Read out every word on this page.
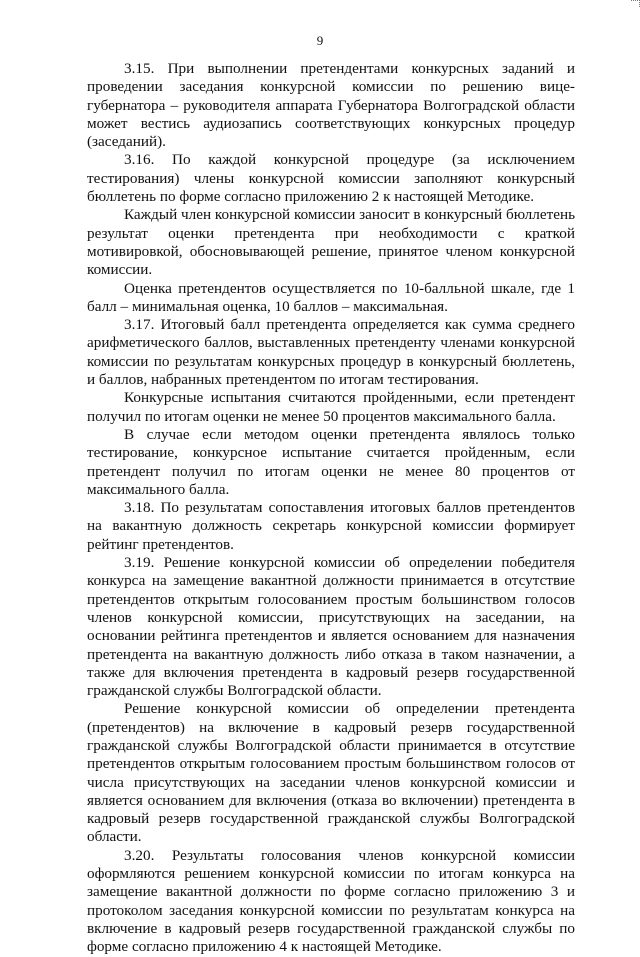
9

3.15. При выполнении претендентами конкурсных заданий и проведении заседания конкурсной комиссии по решению вице-губернатора – руководителя аппарата Губернатора Волгоградской области может вестись аудиозапись соответствующих конкурсных процедур (заседаний).

3.16. По каждой конкурсной процедуре (за исключением тестирования) члены конкурсной комиссии заполняют конкурсный бюллетень по форме согласно приложению 2 к настоящей Методике.

Каждый член конкурсной комиссии заносит в конкурсный бюллетень результат оценки претендента при необходимости с краткой мотивировкой, обосновывающей решение, принятое членом конкурсной комиссии.

Оценка претендентов осуществляется по 10-балльной шкале, где 1 балл – минимальная оценка, 10 баллов – максимальная.

3.17. Итоговый балл претендента определяется как сумма среднего арифметического баллов, выставленных претенденту членами конкурсной комиссии по результатам конкурсных процедур в конкурсный бюллетень, и баллов, набранных претендентом по итогам тестирования.

Конкурсные испытания считаются пройденными, если претендент получил по итогам оценки не менее 50 процентов максимального балла.

В случае если методом оценки претендента являлось только тестирование, конкурсное испытание считается пройденным, если претендент получил по итогам оценки не менее 80 процентов от максимального балла.

3.18. По результатам сопоставления итоговых баллов претендентов на вакантную должность секретарь конкурсной комиссии формирует рейтинг претендентов.

3.19. Решение конкурсной комиссии об определении победителя конкурса на замещение вакантной должности принимается в отсутствие претендентов открытым голосованием простым большинством голосов членов конкурсной комиссии, присутствующих на заседании, на основании рейтинга претендентов и является основанием для назначения претендента на вакантную должность либо отказа в таком назначении, а также для включения претендента в кадровый резерв государственной гражданской службы Волгоградской области.

Решение конкурсной комиссии об определении претендента (претендентов) на включение в кадровый резерв государственной гражданской службы Волгоградской области принимается в отсутствие претендентов открытым голосованием простым большинством голосов от числа присутствующих на заседании членов конкурсной комиссии и является основанием для включения (отказа во включении) претендента в кадровый резерв государственной гражданской службы Волгоградской области.

3.20. Результаты голосования членов конкурсной комиссии оформляются решением конкурсной комиссии по итогам конкурса на замещение вакантной должности по форме согласно приложению 3 и протоколом заседания конкурсной комиссии по результатам конкурса на включение в кадровый резерв государственной гражданской службы по форме согласно приложению 4 к настоящей Методике.
